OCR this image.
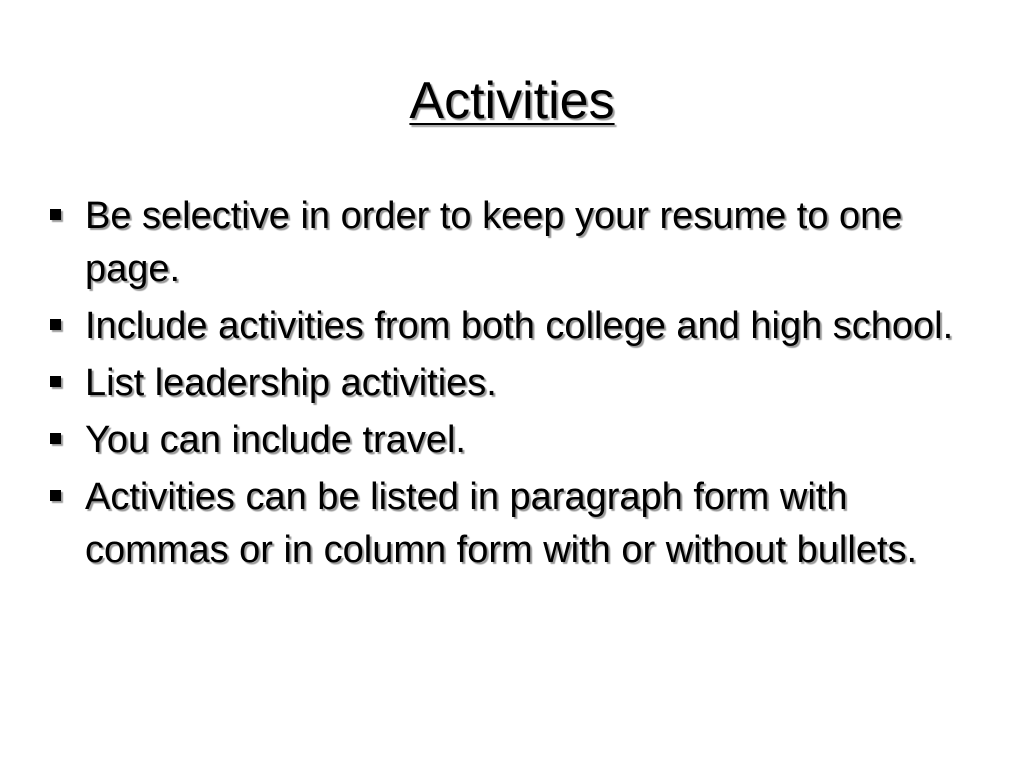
Activities
Be selective in order to keep your resume to one page.
Include activities from both college and high school.
List leadership activities.
You can include travel.
Activities can be listed in paragraph form with commas or in column form with or without bullets.
